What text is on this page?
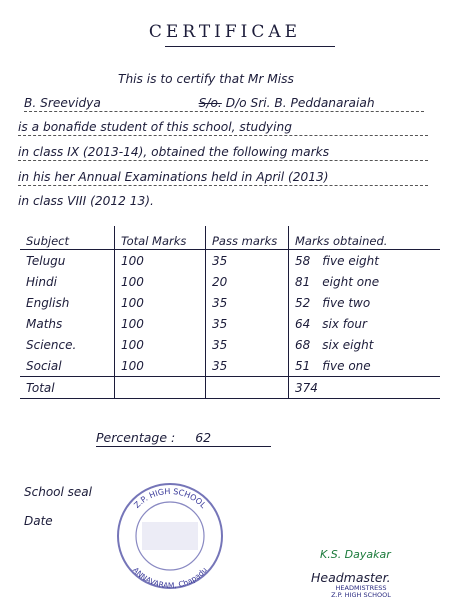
CERTIFICAE
This is to certify that Mr Miss
B. Sreevidya	S/o. D/o Sri. B. Peddanaraiah
is a bonafide student of this school, studying
in class IX (2013-14), obtained the following marks
in his her Annual Examinations held in April (2013)
in class VIII (2012 13).
Subject	Total Marks	Pass marks	Marks obtained.
Telugu	100	35	58 five eight
Hindi	100	20	81 eight one
English	100	35	52 five two
Maths	100	35	64 six four
Science.	100	35	68 six eight
Social	100	35	51 five one
Total			374
Percentage : 62
School seal
Date
Z.P. HIGH SCHOOL
ANNAVARAM, Chapadu
K.S. Dayakar
Headmaster.
HEADMISTRESS
Z.P. HIGH SCHOOL
